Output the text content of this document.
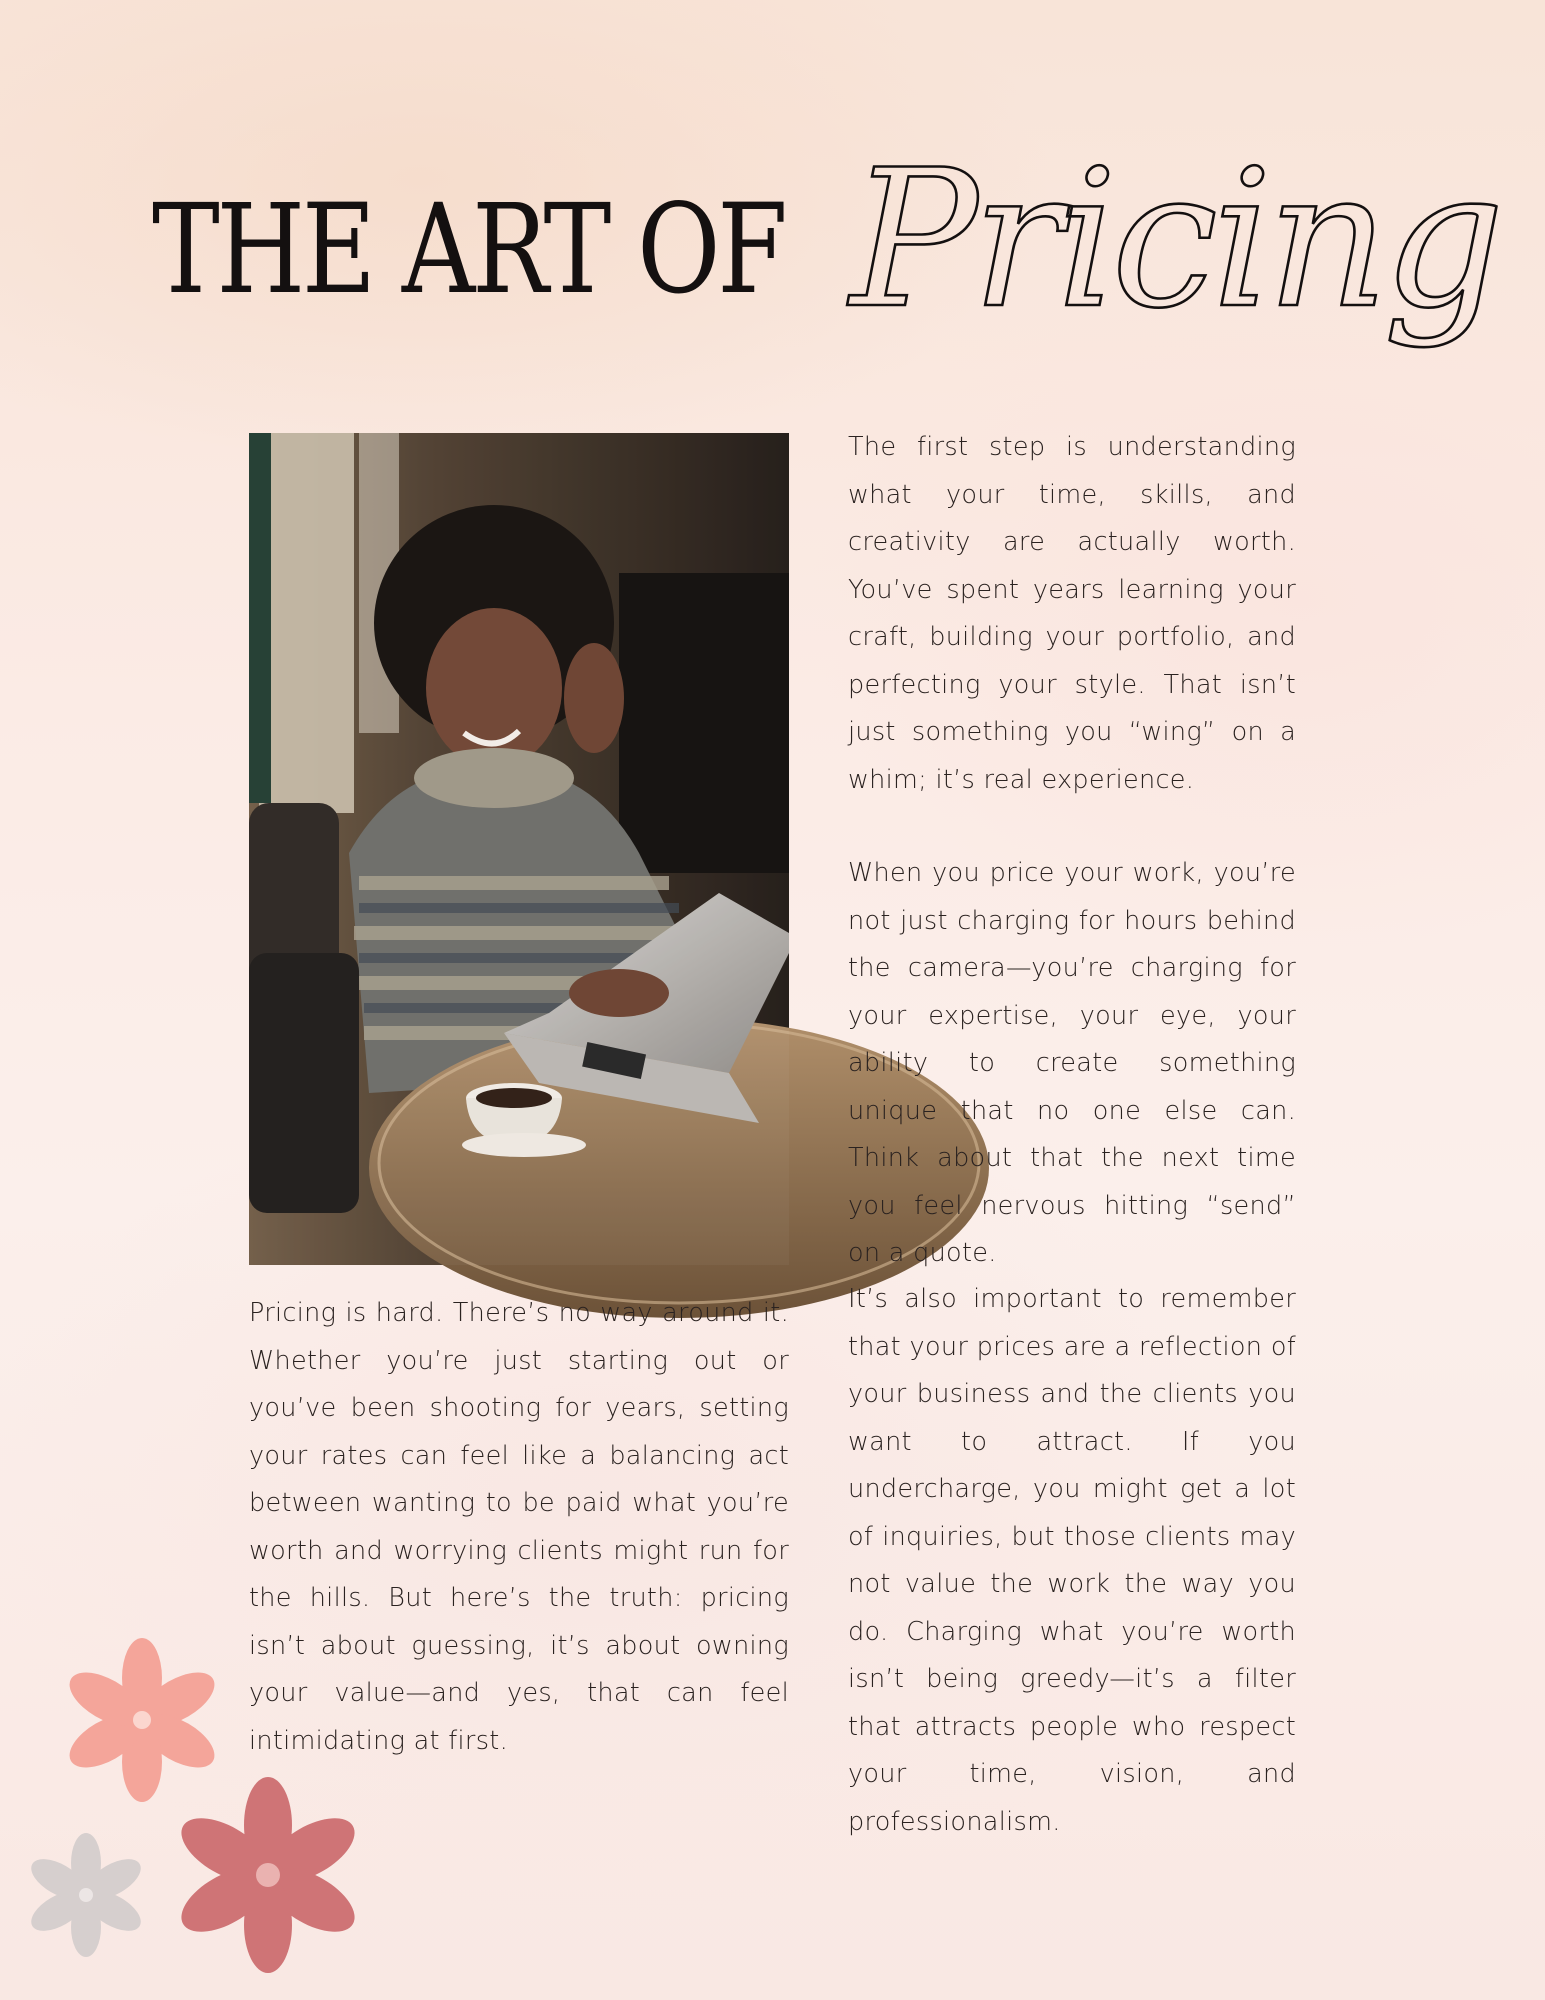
THE ART OF Pricing

Pricing is hard. There’s no way around it. Whether you’re just starting out or you’ve been shooting for years, setting your rates can feel like a balancing act between wanting to be paid what you’re worth and worrying clients might run for the hills. But here’s the truth: pricing isn’t about guessing, it’s about owning your value—and yes, that can feel intimidating at first.

The first step is understanding what your time, skills, and creativity are actually worth. You’ve spent years learning your craft, building your portfolio, and perfecting your style. That isn’t just something you “wing” on a whim; it’s real experience.

When you price your work, you’re not just charging for hours behind the camera—you’re charging for your expertise, your eye, your ability to create something unique that no one else can. Think about that the next time you feel nervous hitting “send” on a quote.

It’s also important to remember that your prices are a reflection of your business and the clients you want to attract. If you undercharge, you might get a lot of inquiries, but those clients may not value the work the way you do. Charging what you’re worth isn’t being greedy—it’s a filter that attracts people who respect your time, vision, and professionalism.
